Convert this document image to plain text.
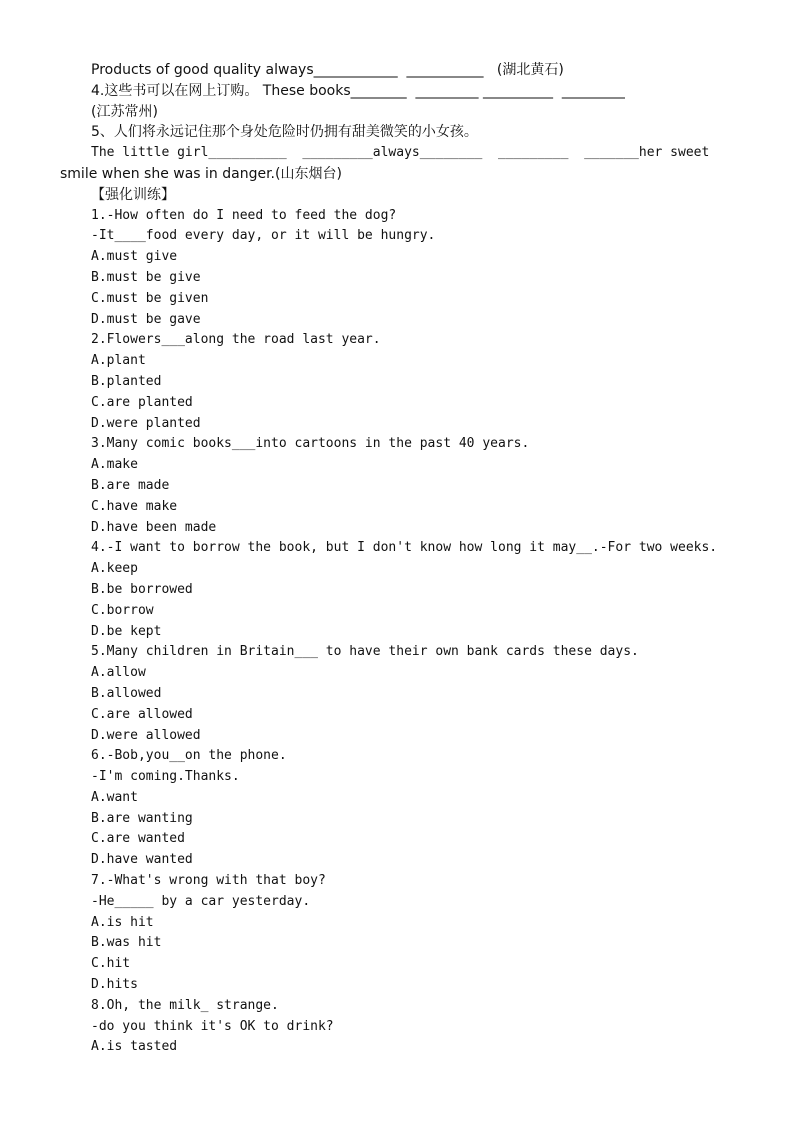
Products of good quality always____________  ___________   (湖北黄石)
4.这些书可以在网上订购。 These books________  _________ __________  _________
(江苏常州)
5、人们将永远记住那个身处危险时仍拥有甜美微笑的小女孩。
The little girl__________  _________always________  _________  _______her sweet
smile when she was in danger.(山东烟台)
【强化训练】
1.-How often do I need to feed the dog?
-It____food every day, or it will be hungry.
A.must give
B.must be give
C.must be given
D.must be gave
2.Flowers___along the road last year.
A.plant
B.planted
C.are planted
D.were planted
3.Many comic books___into cartoons in the past 40 years.
A.make
B.are made
C.have make
D.have been made
4.-I want to borrow the book, but I don't know how long it may__.-For two weeks.
A.keep
B.be borrowed
C.borrow
D.be kept
5.Many children in Britain___ to have their own bank cards these days.
A.allow
B.allowed
C.are allowed
D.were allowed
6.-Bob,you__on the phone.
-I'm coming.Thanks.
A.want
B.are wanting
C.are wanted
D.have wanted
7.-What's wrong with that boy?
-He_____ by a car yesterday.
A.is hit
B.was hit
C.hit
D.hits
8.Oh, the milk_ strange.
-do you think it's OK to drink?
A.is tasted
